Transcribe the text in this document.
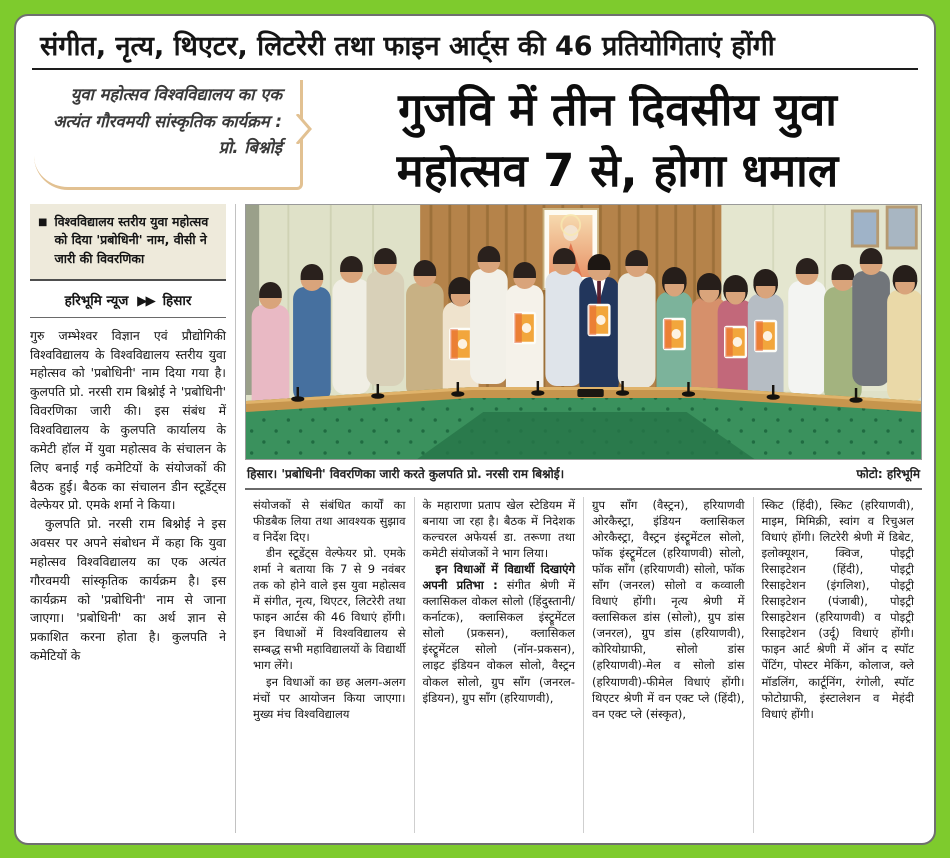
संगीत, नृत्य, थिएटर, लिटरेरी तथा फाइन आर्ट्स की 46 प्रतियोगिताएं होंगी
युवा महोत्सव विश्वविद्यालय का एक अत्यंत गौरवमयी सांस्कृतिक कार्यक्रम :
प्रो. बिश्नोई
गुजवि में तीन दिवसीय युवा
महोत्सव 7 से, होगा धमाल
■ विश्वविद्यालय स्तरीय युवा महोत्सव को दिया 'प्रबोधिनी' नाम, वीसी ने जारी की विवरणिका
हरिभूमि न्यूज ▶▶ हिसार

गुरु जम्भेश्वर विज्ञान एवं प्रौद्योगिकी विश्वविद्यालय के विश्वविद्यालय स्तरीय युवा महोत्सव को 'प्रबोधिनी' नाम दिया गया है। कुलपति प्रो. नरसी राम बिश्नोई ने 'प्रबोधिनी' विवरणिका जारी की। इस संबंध में विश्वविद्यालय के कुलपति कार्यालय के कमेटी हॉल में युवा महोत्सव के संचालन के लिए बनाई गई कमेटियों के संयोजकों की बैठक हुई। बैठक का संचालन डीन स्टूडेंट्स वेल्फेयर प्रो. एमके शर्मा ने किया।

कुलपति प्रो. नरसी राम बिश्नोई ने इस अवसर पर अपने संबोधन में कहा कि युवा महोत्सव विश्वविद्यालय का एक अत्यंत गौरवमयी सांस्कृतिक कार्यक्रम है। इस कार्यक्रम को 'प्रबोधिनी' नाम से जाना जाएगा। 'प्रबोधिनी' का अर्थ ज्ञान से प्रकाशित करना होता है। कुलपति ने कमेटियों के

हिसार। 'प्रबोधिनी' विवरणिका जारी करते कुलपति प्रो. नरसी राम बिश्नोई।	फोटो: हरिभूमि

संयोजकों से संबंधित कार्यों का फीडबैक लिया तथा आवश्यक सुझाव व निर्देश दिए।

डीन स्टूडेंट्स वेल्फेयर प्रो. एमके शर्मा ने बताया कि 7 से 9 नवंबर तक को होने वाले इस युवा महोत्सव में संगीत, नृत्य, थिएटर, लिटरेरी तथा फाइन आर्टस की 46 विधाएं होंगी। इन विधाओं में विश्वविद्यालय से सम्बद्ध सभी महाविद्यालयों के विद्यार्थी भाग लेंगे।

इन विधाओं का छह अलग-अलग मंचों पर आयोजन किया जाएगा। मुख्य मंच विश्वविद्यालय

के महाराणा प्रताप खेल स्टेडियम में बनाया जा रहा है। बैठक में निदेशक कल्चरल अफेयर्स डा. तरूणा तथा कमेटी संयोजकों ने भाग लिया।

इन विधाओं में विद्यार्थी दिखाएंगे अपनी प्रतिभा : संगीत श्रेणी में क्लासिकल वोकल सोलो (हिंदुस्तानी/कर्नाटक), क्लासिकल इंस्ट्रूमेंटल सोलो (प्रकसन), क्लासिकल इंस्ट्रूमेंटल सोलो (नॉन-प्रकसन), लाइट इंडियन वोकल सोलो, वैस्ट्रन वोकल सोलो, ग्रुप सॉंग (जनरल-इंडियन), ग्रुप सॉंग (हरियाणवी),

ग्रुप सॉंग (वैस्ट्रन), हरियाणवी ओरकैस्ट्रा, इंडियन क्लासिकल ओरकैस्ट्रा, वैस्ट्रन इंस्ट्रूमेंटल सोलो, फॉक इंस्ट्रूमेंटल (हरियाणवी) सोलो, फॉक सॉंग (हरियाणवी) सोलो, फॉक सॉंग (जनरल) सोलो व कव्वाली विधाएं होंगी। नृत्य श्रेणी में क्लासिकल डांस (सोलो), ग्रुप डांस (जनरल), ग्रुप डांस (हरियाणवी), कोरियोग्राफी, सोलो डांस (हरियाणवी)-मेल व सोलो डांस (हरियाणवी)-फीमेल विधाएं होंगी। थिएटर श्रेणी में वन एक्ट प्ले (हिंदी), वन एक्ट प्ले (संस्कृत),

स्किट (हिंदी), स्किट (हरियाणवी), माइम, मिमिक्री, स्वांग व रिचुअल विधाएं होंगी। लिटरेरी श्रेणी में डिबेट, इलोक्यूशन, क्विज, पोइट्री रिसाइटेशन (हिंदी), पोइट्री रिसाइटेशन (इंगलिश), पोइट्री रिसाइटेशन (पंजाबी), पोइट्री रिसाइटेशन (हरियाणवी) व पोइट्री रिसाइटेशन (उर्दू) विधाएं होंगी। फाइन आर्ट श्रेणी में ऑन द स्पॉट पेंटिंग, पोस्टर मेकिंग, कोलाज, क्ले मॉडलिंग, कार्टूनिंग, रंगोली, स्पॉट फोटोग्राफी, इंस्टालेशन व मेहंदी विधाएं होंगी।
